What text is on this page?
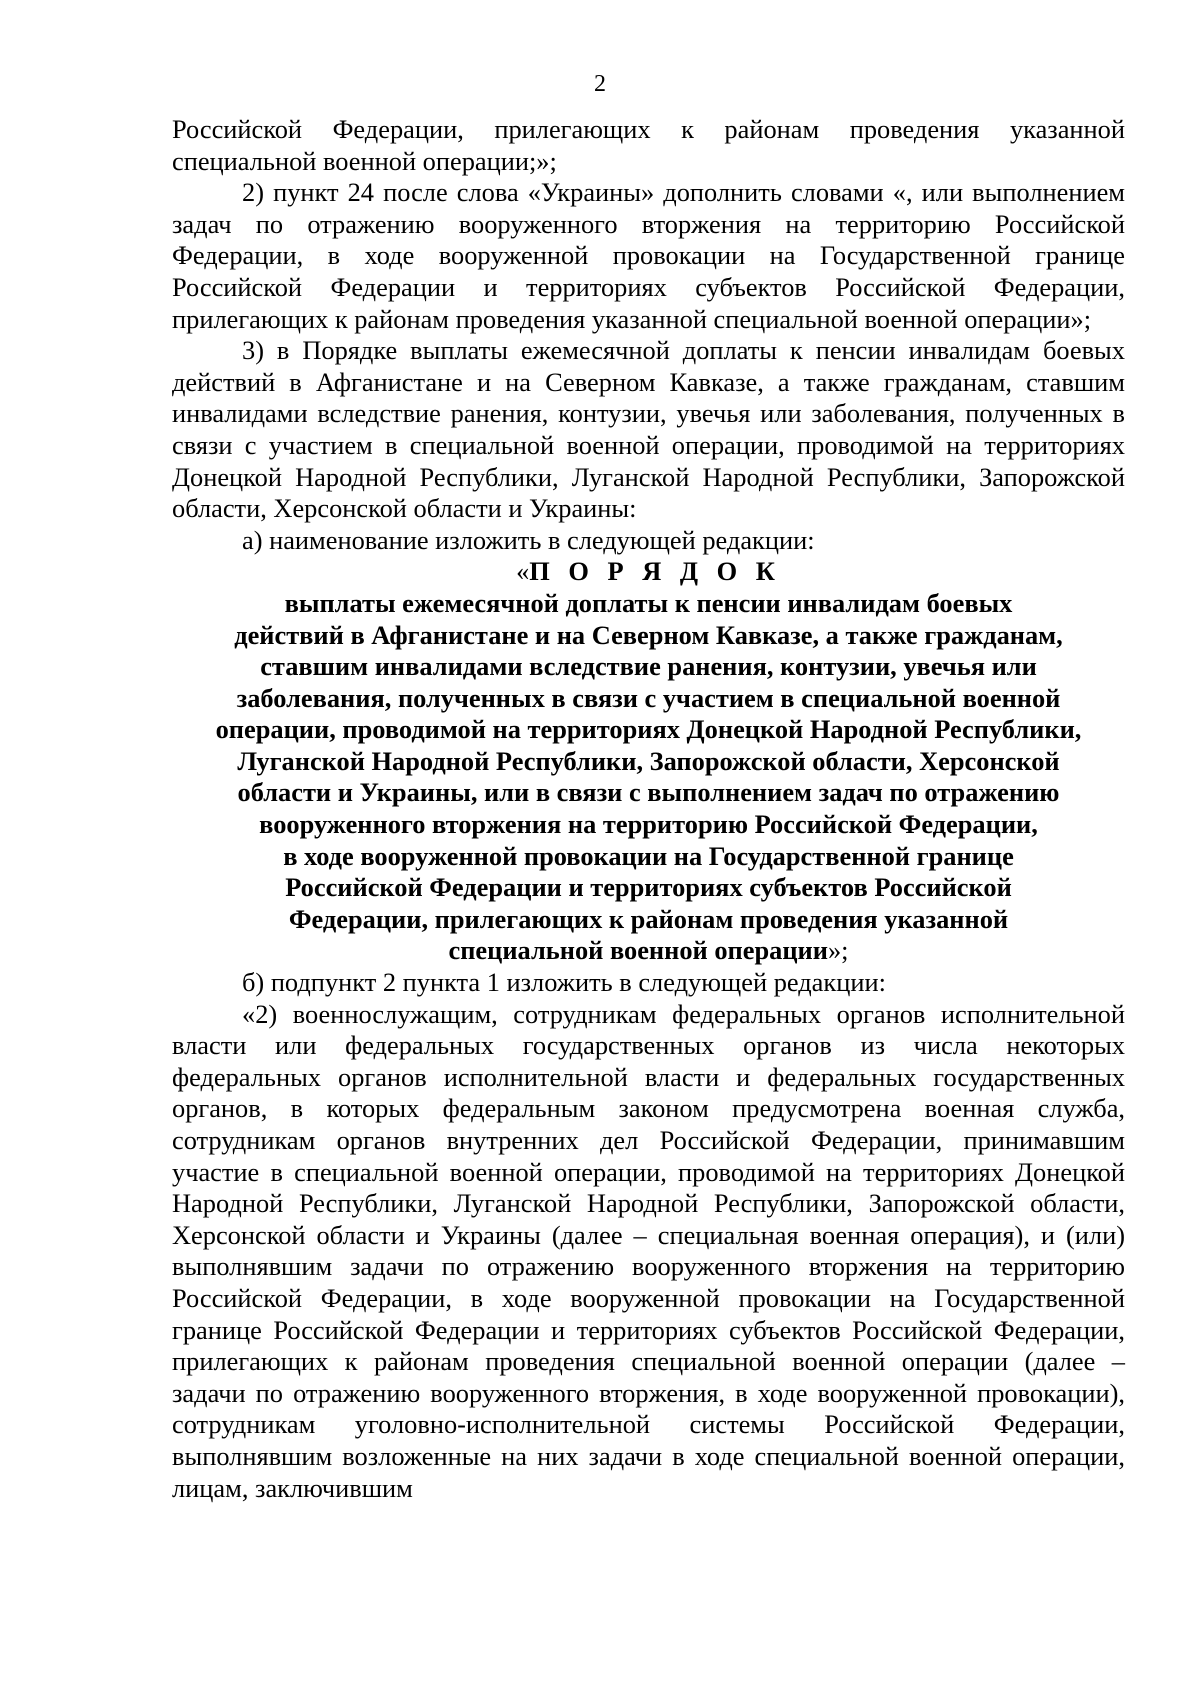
2

Российской Федерации, прилегающих к районам проведения указанной специальной военной операции;»;

2) пункт 24 после слова «Украины» дополнить словами «, или выполнением задач по отражению вооруженного вторжения на территорию Российской Федерации, в ходе вооруженной провокации на Государственной границе Российской Федерации и территориях субъектов Российской Федерации, прилегающих к районам проведения указанной специальной военной операции»;

3) в Порядке выплаты ежемесячной доплаты к пенсии инвалидам боевых действий в Афганистане и на Северном Кавказе, а также гражданам, ставшим инвалидами вследствие ранения, контузии, увечья или заболевания, полученных в связи с участием в специальной военной операции, проводимой на территориях Донецкой Народной Республики, Луганской Народной Республики, Запорожской области, Херсонской области и Украины:

а) наименование изложить в следующей редакции:

«П О Р Я Д О К

выплаты ежемесячной доплаты к пенсии инвалидам боевых
действий в Афганистане и на Северном Кавказе, а также гражданам,
ставшим инвалидами вследствие ранения, контузии, увечья или
заболевания, полученных в связи с участием в специальной военной
операции, проводимой на территориях Донецкой Народной Республики,
Луганской Народной Республики, Запорожской области, Херсонской
области и Украины, или в связи с выполнением задач по отражению
вооруженного вторжения на территорию Российской Федерации,
в ходе вооруженной провокации на Государственной границе
Российской Федерации и территориях субъектов Российской
Федерации, прилегающих к районам проведения указанной
специальной военной операции»;

б) подпункт 2 пункта 1 изложить в следующей редакции:

«2) военнослужащим, сотрудникам федеральных органов исполнительной власти или федеральных государственных органов из числа некоторых федеральных органов исполнительной власти и федеральных государственных органов, в которых федеральным законом предусмотрена военная служба, сотрудникам органов внутренних дел Российской Федерации, принимавшим участие в специальной военной операции, проводимой на территориях Донецкой Народной Республики, Луганской Народной Республики, Запорожской области, Херсонской области и Украины (далее – специальная военная операция), и (или) выполнявшим задачи по отражению вооруженного вторжения на территорию Российской Федерации, в ходе вооруженной провокации на Государственной границе Российской Федерации и территориях субъектов Российской Федерации, прилегающих к районам проведения специальной военной операции (далее – задачи по отражению вооруженного вторжения, в ходе вооруженной провокации), сотрудникам уголовно-исполнительной системы Российской Федерации, выполнявшим возложенные на них задачи в ходе специальной военной операции, лицам, заключившим
